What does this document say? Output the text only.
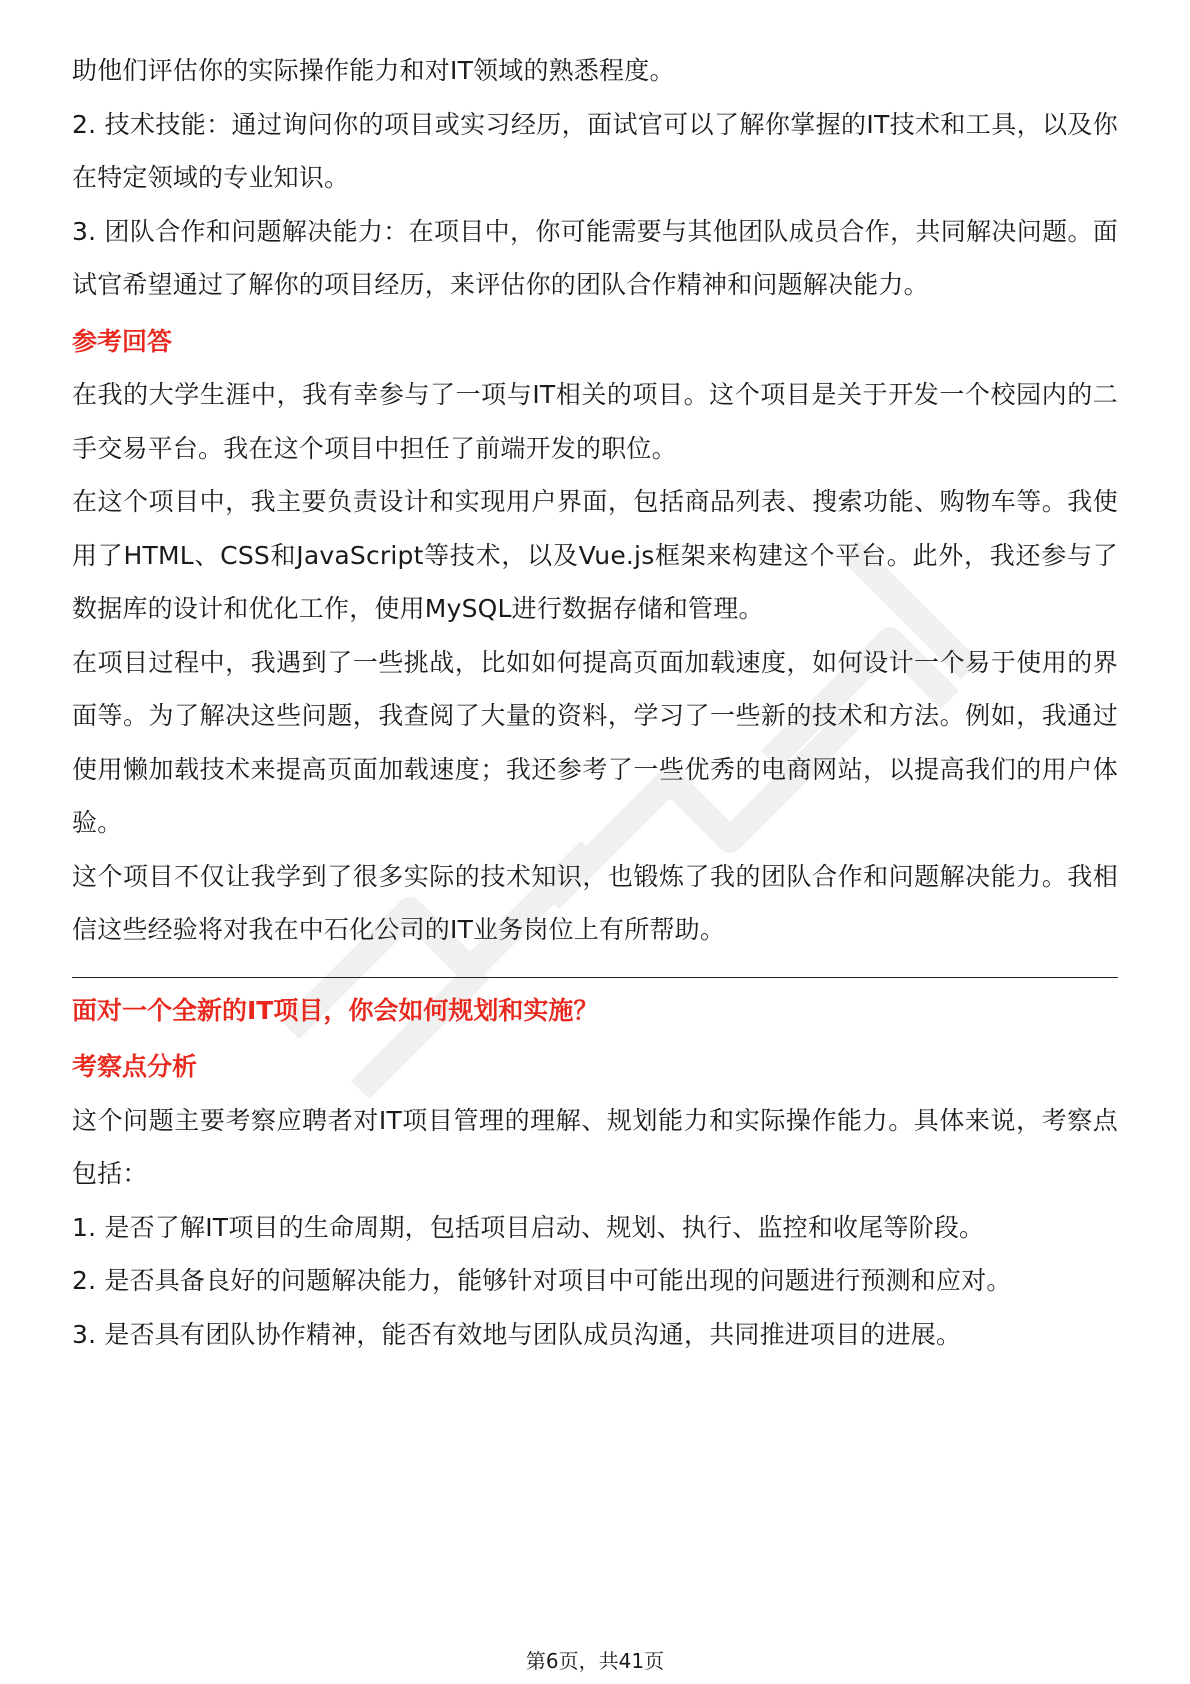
助他们评估你的实际操作能力和对IT领域的熟悉程度。

2. 技术技能：通过询问你的项目或实习经历，面试官可以了解你掌握的IT技术和工具，以及你在特定领域的专业知识。

3. 团队合作和问题解决能力：在项目中，你可能需要与其他团队成员合作，共同解决问题。面试官希望通过了解你的项目经历，来评估你的团队合作精神和问题解决能力。

参考回答

在我的大学生涯中，我有幸参与了一项与IT相关的项目。这个项目是关于开发一个校园内的二手交易平台。我在这个项目中担任了前端开发的职位。

在这个项目中，我主要负责设计和实现用户界面，包括商品列表、搜索功能、购物车等。我使用了HTML、CSS和JavaScript等技术，以及Vue.js框架来构建这个平台。此外，我还参与了数据库的设计和优化工作，使用MySQL进行数据存储和管理。

在项目过程中，我遇到了一些挑战，比如如何提高页面加载速度，如何设计一个易于使用的界面等。为了解决这些问题，我查阅了大量的资料，学习了一些新的技术和方法。例如，我通过使用懒加载技术来提高页面加载速度；我还参考了一些优秀的电商网站，以提高我们的用户体验。

这个项目不仅让我学到了很多实际的技术知识，也锻炼了我的团队合作和问题解决能力。我相信这些经验将对我在中石化公司的IT业务岗位上有所帮助。

面对一个全新的IT项目，你会如何规划和实施？

考察点分析

这个问题主要考察应聘者对IT项目管理的理解、规划能力和实际操作能力。具体来说，考察点包括：

1. 是否了解IT项目的生命周期，包括项目启动、规划、执行、监控和收尾等阶段。

2. 是否具备良好的问题解决能力，能够针对项目中可能出现的问题进行预测和应对。

3. 是否具有团队协作精神，能否有效地与团队成员沟通，共同推进项目的进展。

第6页，共41页
